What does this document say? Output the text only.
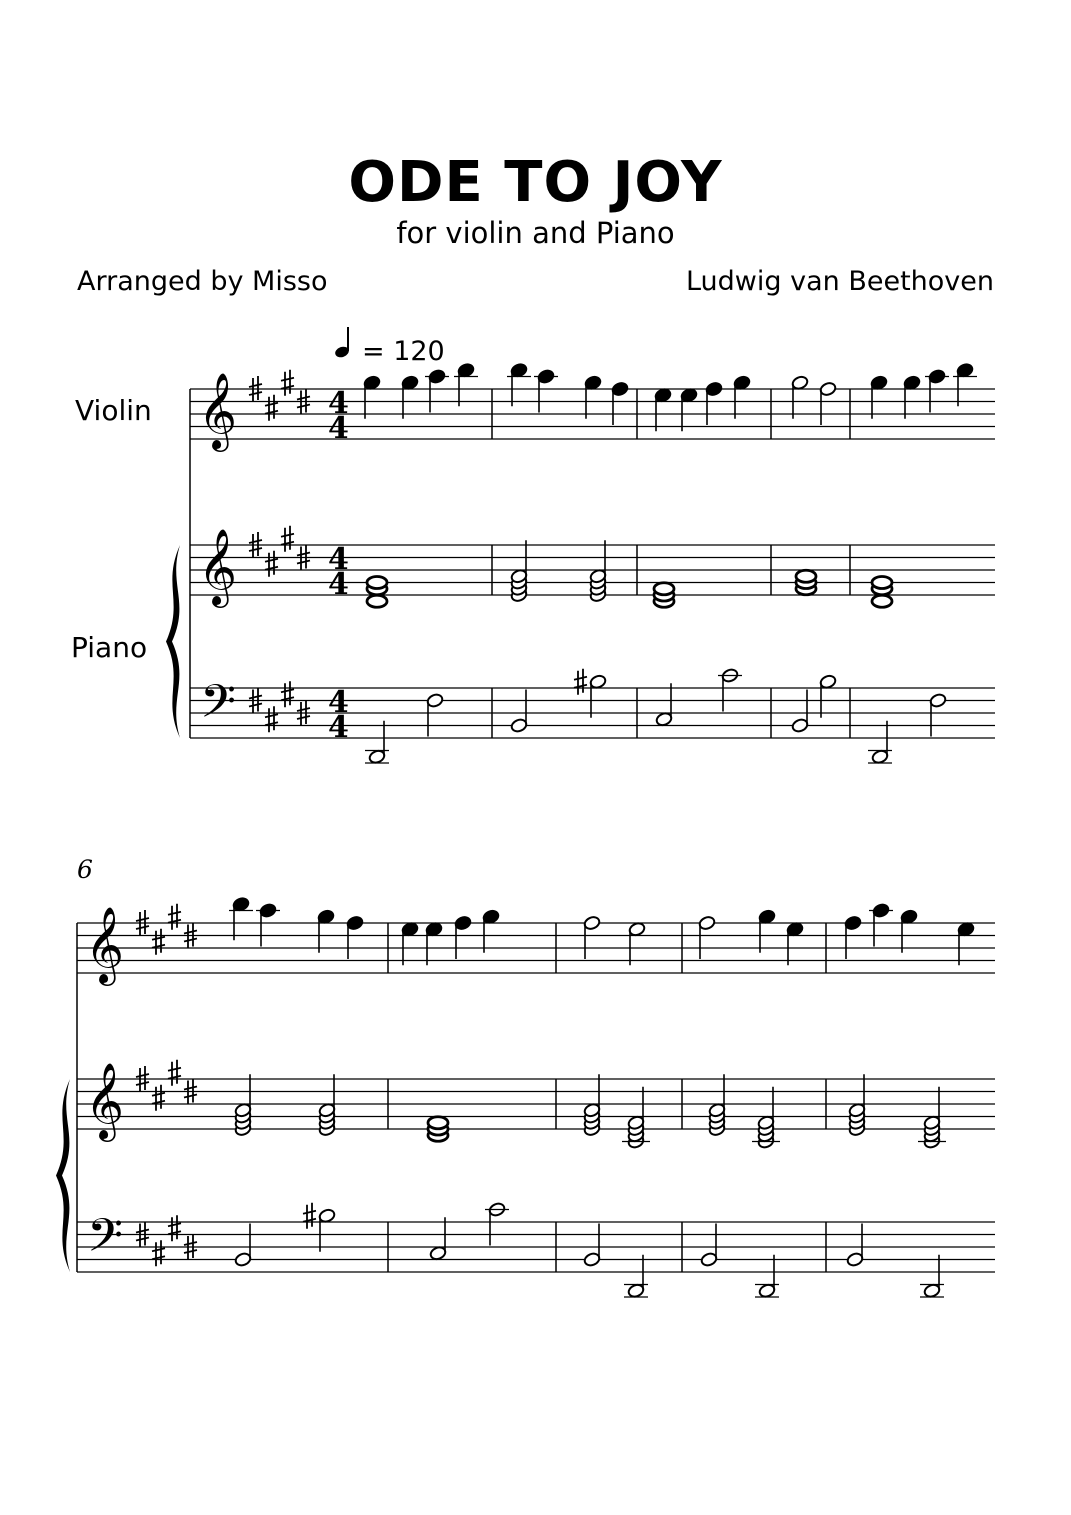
ODE TO JOY
for violin and Piano
Arranged by Misso	Ludwig van Beethoven
= 120
Violin
Piano
6
𝄞
𝄞
𝄢
4
4
4
4
4
4
𝄞
𝄞
𝄢
